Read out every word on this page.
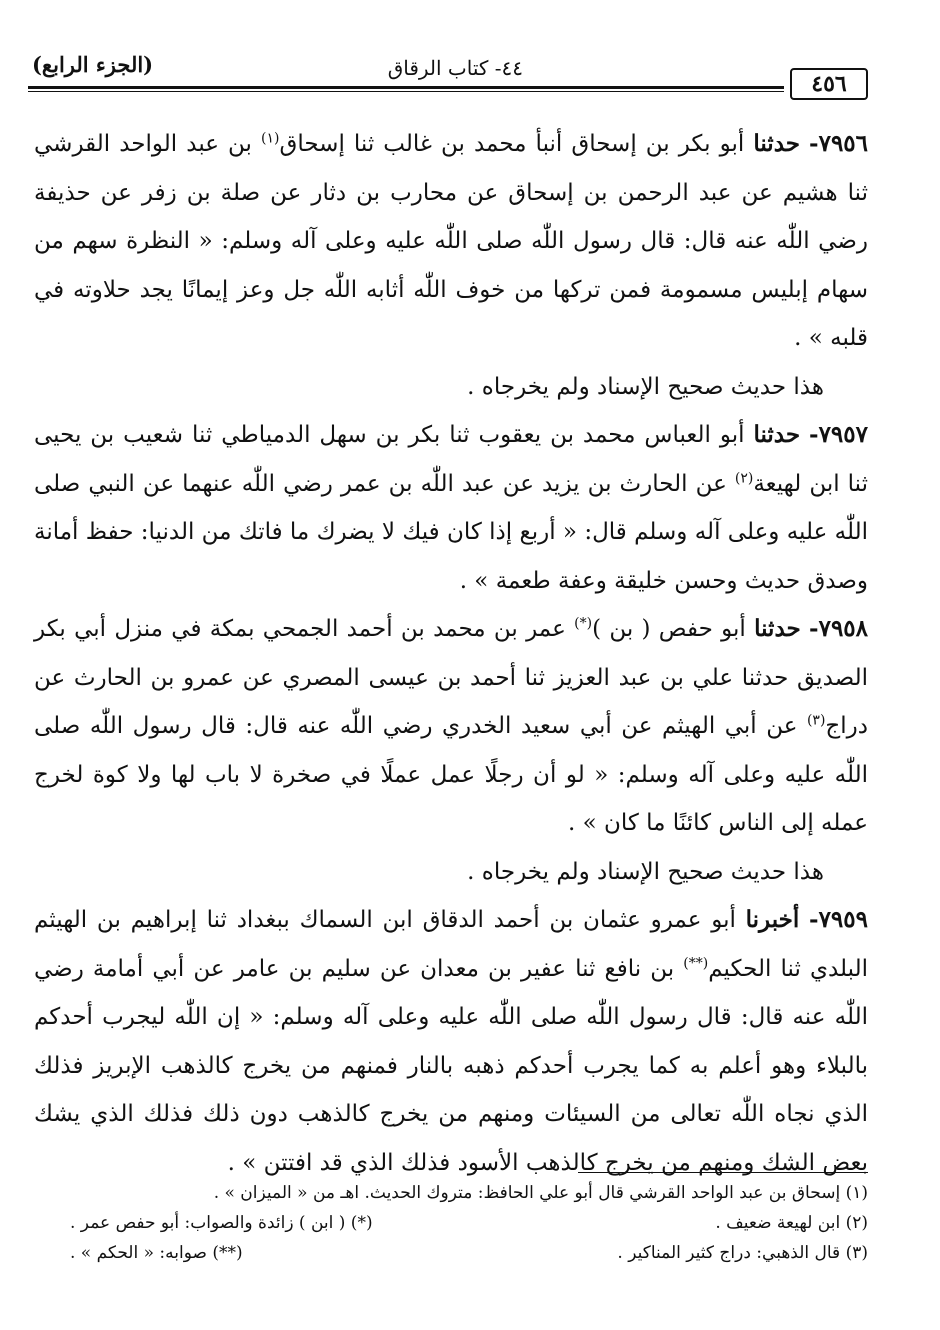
٤٥٦
٤٤- كتاب الرقاق
(الجزء الرابع)

٧٩٥٦- حدثنا أبو بكر بن إسحاق أنبأ محمد بن غالب ثنا إسحاق$^{(١)}$ بن عبد الواحد القرشي ثنا هشيم عن عبد الرحمن بن إسحاق عن محارب بن دثار عن صلة بن زفر عن حذيفة رضي اللّٰه عنه قال: قال رسول اللّٰه صلى اللّٰه عليه وعلى آله وسلم: « النظرة سهم من سهام إبليس مسمومة فمن تركها من خوف اللّٰه أثابه اللّٰه جل وعز إيمانًا يجد حلاوته في قلبه » .

هذا حديث صحيح الإسناد ولم يخرجاه .

٧٩٥٧- حدثنا أبو العباس محمد بن يعقوب ثنا بكر بن سهل الدمياطي ثنا شعيب بن يحيى ثنا ابن لهيعة$^{(٢)}$ عن الحارث بن يزيد عن عبد اللّٰه بن عمر رضي اللّٰه عنهما عن النبي صلى اللّٰه عليه وعلى آله وسلم قال: « أربع إذا كان فيك لا يضرك ما فاتك من الدنيا: حفظ أمانة وصدق حديث وحسن خليقة وعفة طعمة » .

٧٩٥٨- حدثنا أبو حفص ( بن )(*) عمر بن محمد بن أحمد الجمحي بمكة في منزل أبي بكر الصديق حدثنا علي بن عبد العزيز ثنا أحمد بن عيسى المصري عن عمرو بن الحارث عن دراج$^{(٣)}$ عن أبي الهيثم عن أبي سعيد الخدري رضي اللّٰه عنه قال: قال رسول اللّٰه صلى اللّٰه عليه وعلى آله وسلم: « لو أن رجلًا عمل عملًا في صخرة لا باب لها ولا كوة لخرج عمله إلى الناس كائنًا ما كان » .

هذا حديث صحيح الإسناد ولم يخرجاه .

٧٩٥٩- أخبرنا أبو عمرو عثمان بن أحمد الدقاق ابن السماك ببغداد ثنا إبراهيم بن الهيثم البلدي ثنا الحكيم(**) بن نافع ثنا عفير بن معدان عن سليم بن عامر عن أبي أمامة رضي اللّٰه عنه قال: قال رسول اللّٰه صلى اللّٰه عليه وعلى آله وسلم: « إن اللّٰه ليجرب أحدكم بالبلاء وهو أعلم به كما يجرب أحدكم ذهبه بالنار فمنهم من يخرج كالذهب الإبريز فذلك الذي نجاه اللّٰه تعالى من السيئات ومنهم من يخرج كالذهب دون ذلك فذلك الذي يشك بعض الشك ومنهم من يخرج كالذهب الأسود فذلك الذي قد افتتن » .

(١) إسحاق بن عبد الواحد القرشي قال أبو علي الحافظ: متروك الحديث. اهـ من « الميزان » .
(٢) ابن لهيعة ضعيف .
(*) ( ابن ) زائدة والصواب: أبو حفص عمر .
(٣) قال الذهبي: دراج كثير المناكير .
(**) صوابه: « الحكم » .
